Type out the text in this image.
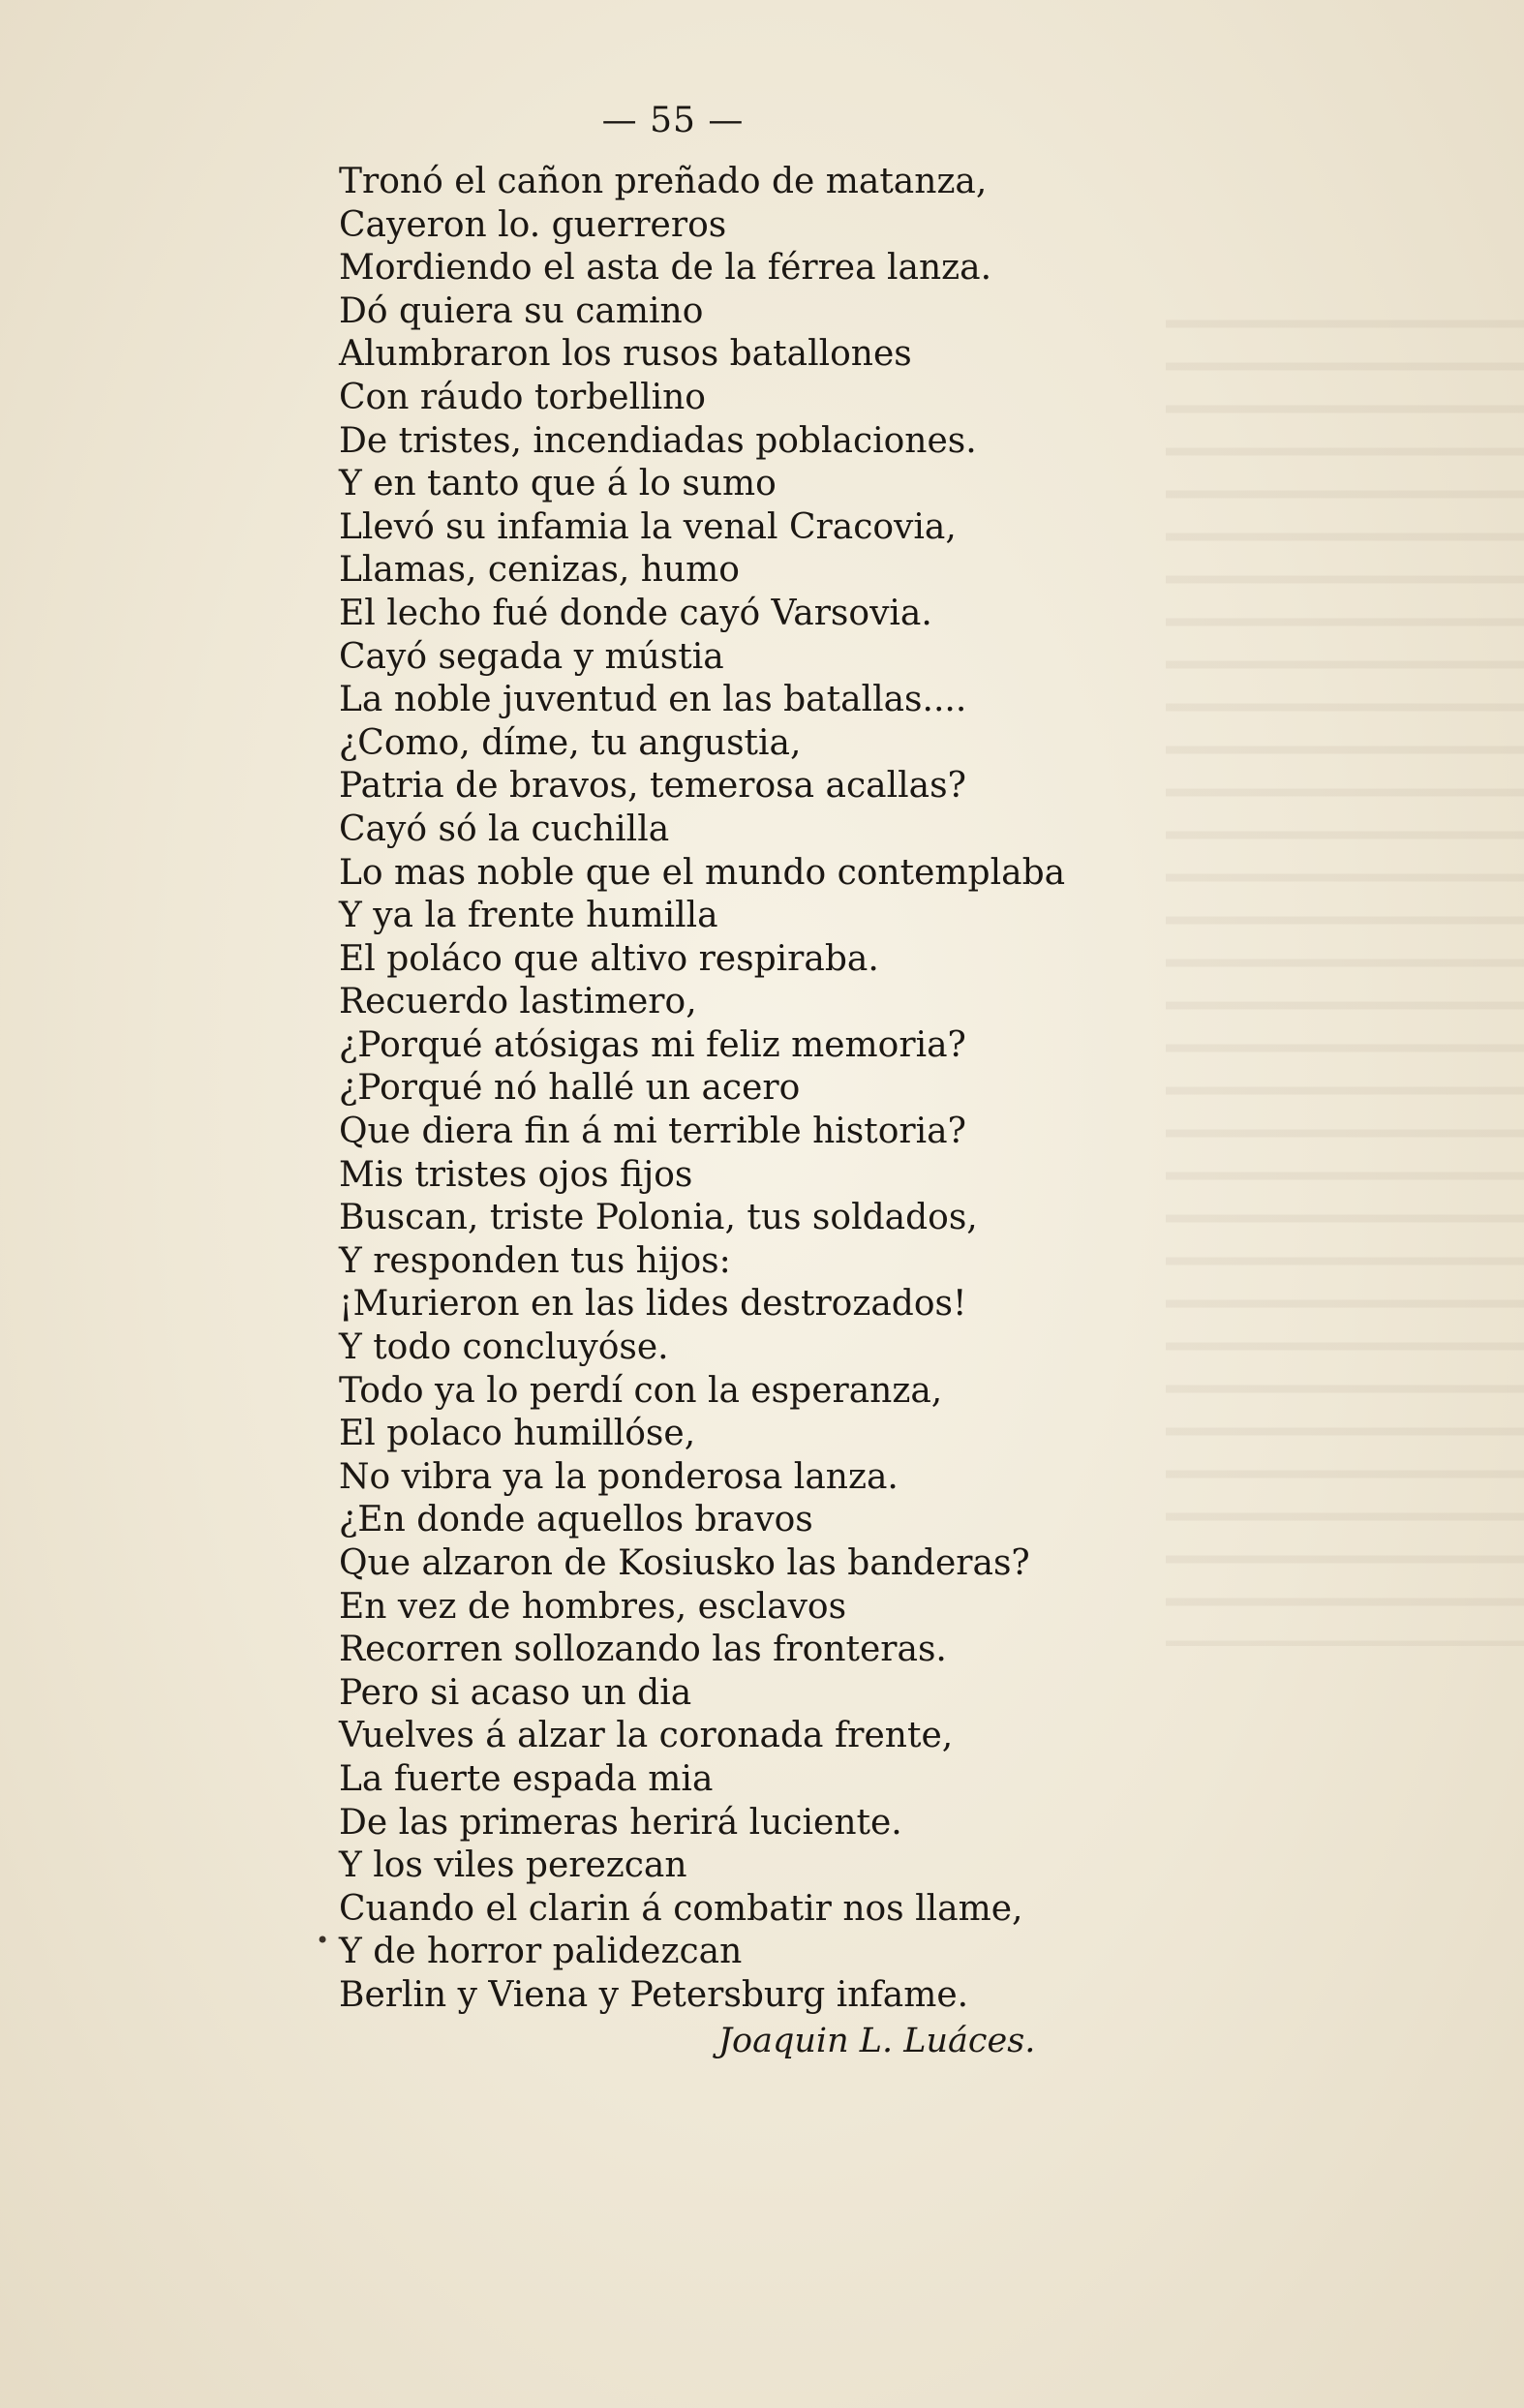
— 55 —
Tronó el cañon preñado de matanza,
Cayeron lo. guerreros
Mordiendo el asta de la férrea lanza.
Dó quiera su camino
Alumbraron los rusos batallones
Con ráudo torbellino
De tristes, incendiadas poblaciones.
Y en tanto que á lo sumo
Llevó su infamia la venal Cracovia,
Llamas, cenizas, humo
El lecho fué donde cayó Varsovia.
Cayó segada y mústia
La noble juventud en las batallas....
¿Como, díme, tu angustia,
Patria de bravos, temerosa acallas?
Cayó só la cuchilla
Lo mas noble que el mundo contemplaba
Y ya la frente humilla
El poláco que altivo respiraba.
Recuerdo lastimero,
¿Porqué atósigas mi feliz memoria?
¿Porqué nó hallé un acero
Que diera fin á mi terrible historia?
Mis tristes ojos fijos
Buscan, triste Polonia, tus soldados,
Y responden tus hijos:
¡Murieron en las lides destrozados!
Y todo concluyóse.
Todo ya lo perdí con la esperanza,
El polaco humillóse,
No vibra ya la ponderosa lanza.
¿En donde aquellos bravos
Que alzaron de Kosiusko las banderas?
En vez de hombres, esclavos
Recorren sollozando las fronteras.
Pero si acaso un dia
Vuelves á alzar la coronada frente,
La fuerte espada mia
De las primeras herirá luciente.
Y los viles perezcan
Cuando el clarin á combatir nos llame,
Y de horror palidezcan
Berlin y Viena y Petersburg infame.
•
Joaquin L. Luáces.
